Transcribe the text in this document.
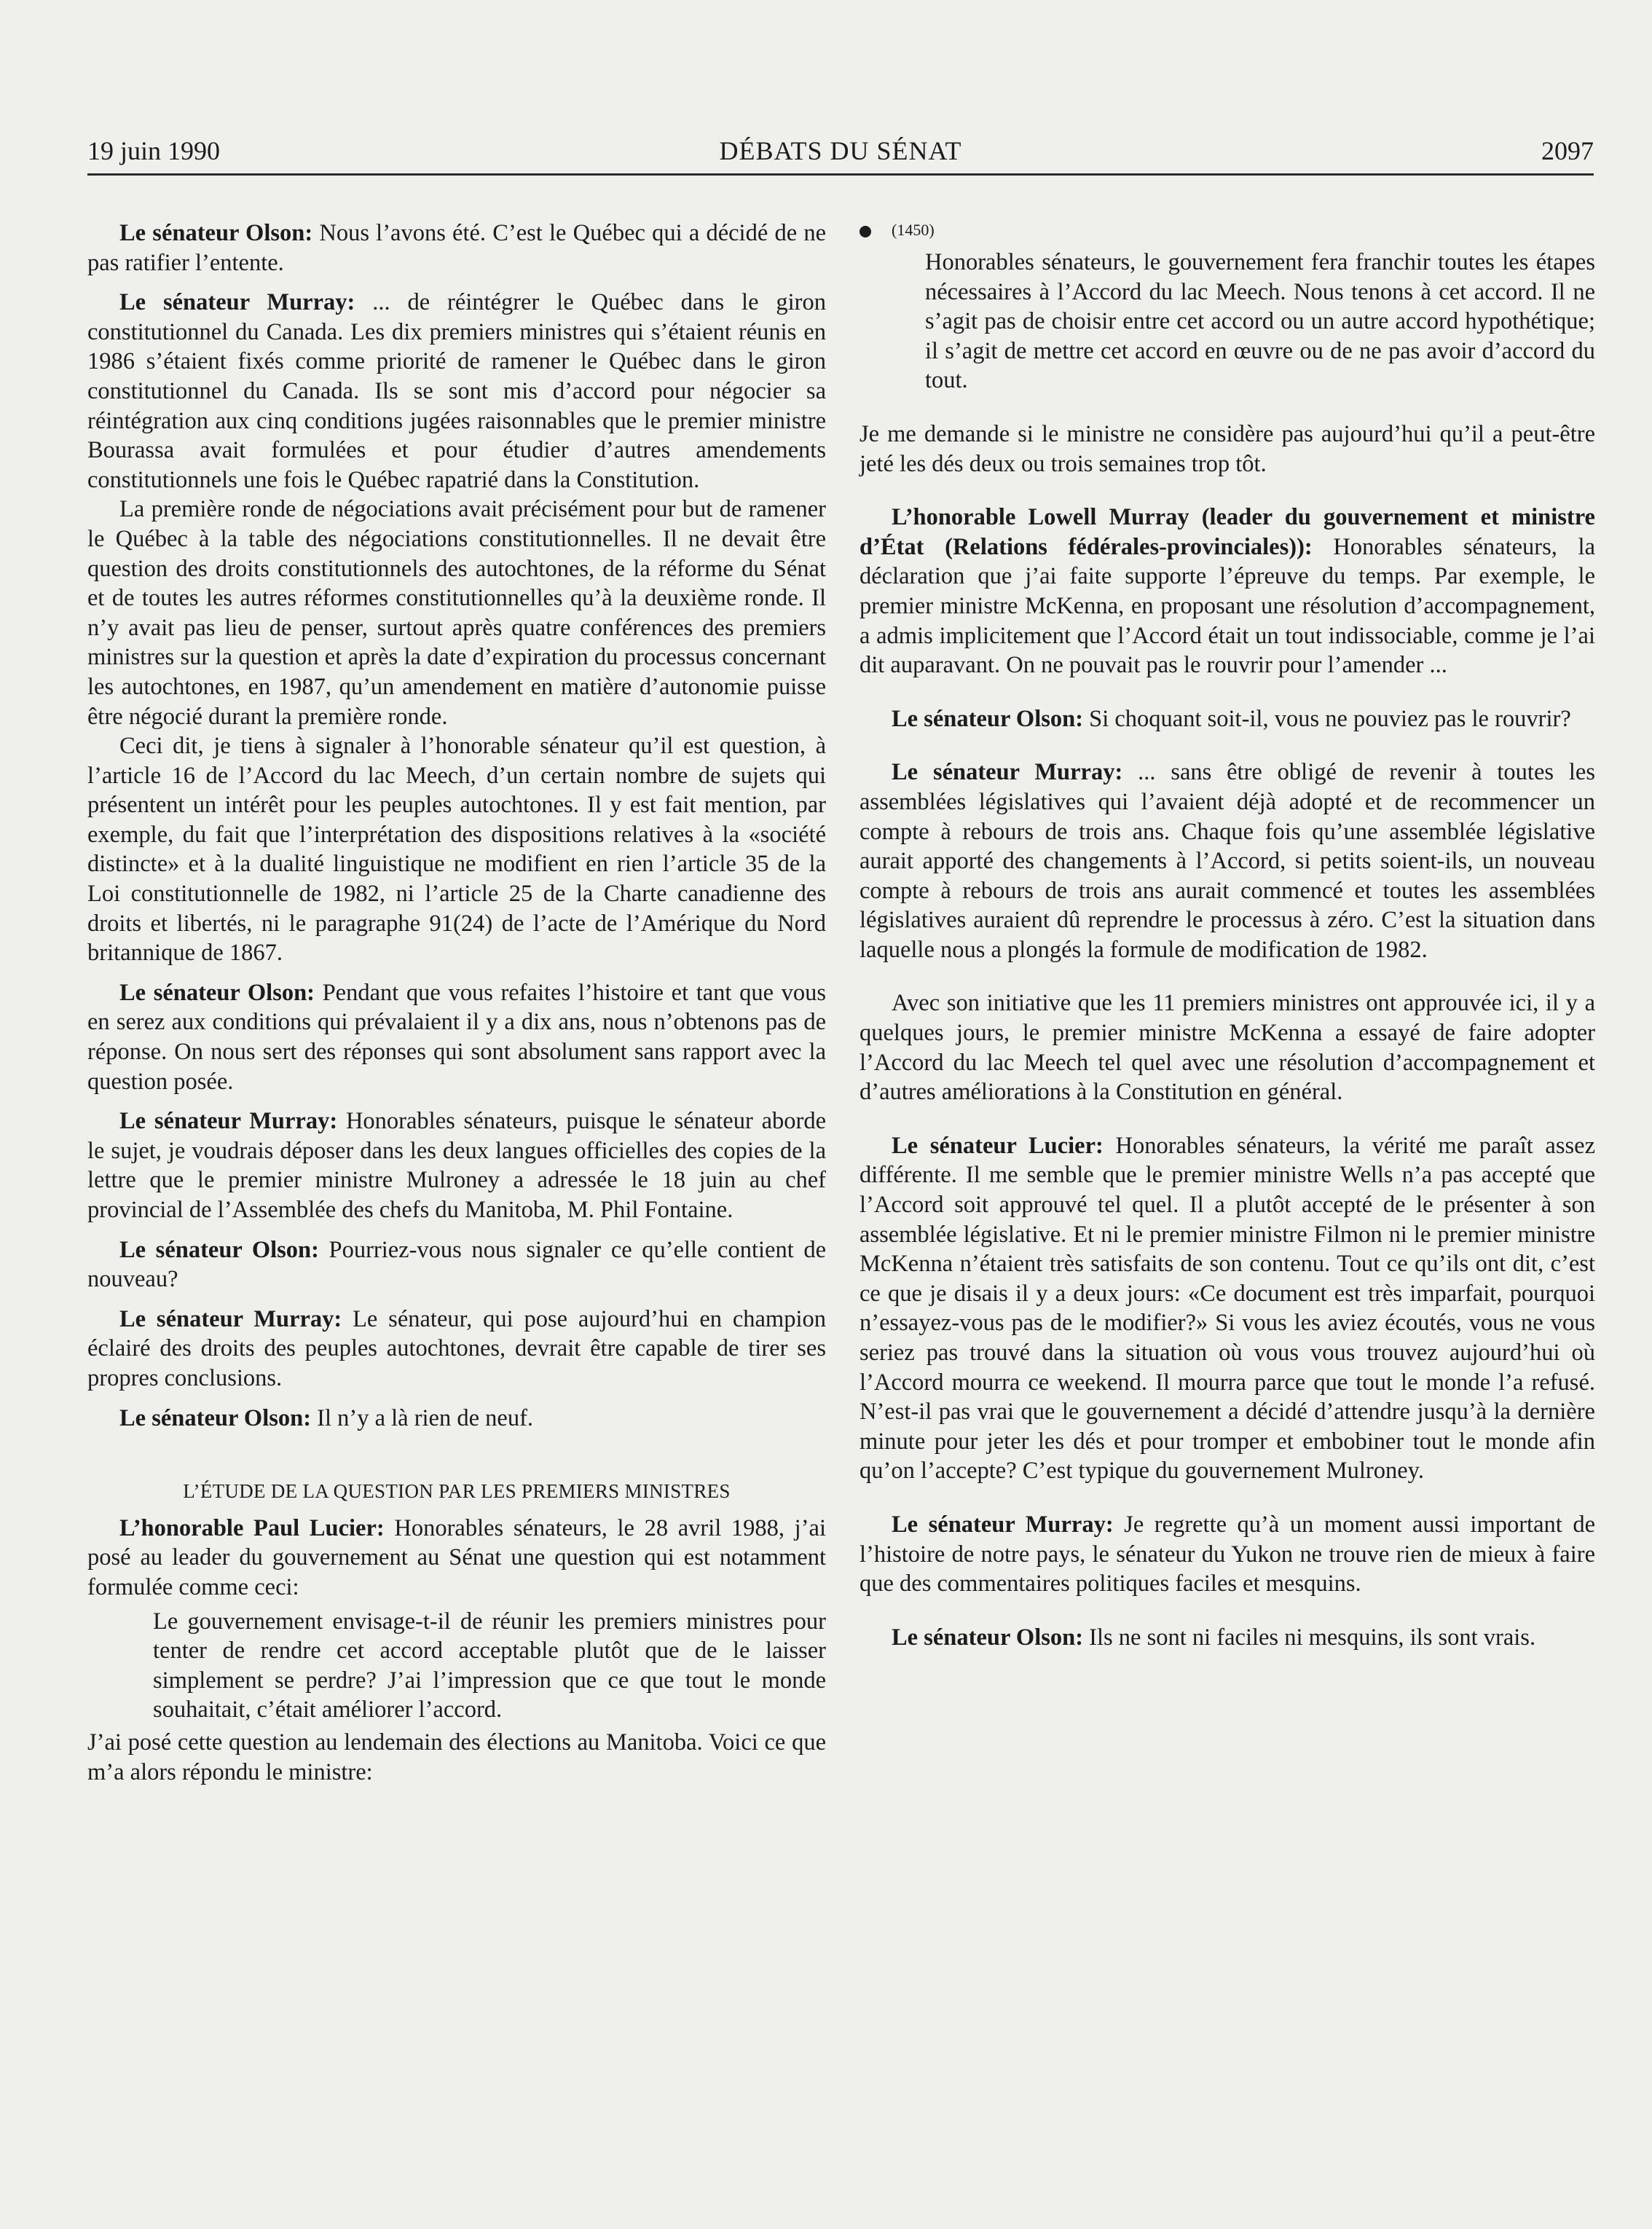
19 juin 1990	DÉBATS DU SÉNAT	2097

Le sénateur Olson: Nous l’avons été. C’est le Québec qui a décidé de ne pas ratifier l’entente.

Le sénateur Murray: ... de réintégrer le Québec dans le giron constitutionnel du Canada. Les dix premiers ministres qui s’étaient réunis en 1986 s’étaient fixés comme priorité de ramener le Québec dans le giron constitutionnel du Canada. Ils se sont mis d’accord pour négocier sa réintégration aux cinq conditions jugées raisonnables que le premier ministre Bourassa avait formulées et pour étudier d’autres amendements constitutionnels une fois le Québec rapatrié dans la Constitution.

La première ronde de négociations avait précisément pour but de ramener le Québec à la table des négociations constitutionnelles. Il ne devait être question des droits constitutionnels des autochtones, de la réforme du Sénat et de toutes les autres réformes constitutionnelles qu’à la deuxième ronde. Il n’y avait pas lieu de penser, surtout après quatre conférences des premiers ministres sur la question et après la date d’expiration du processus concernant les autochtones, en 1987, qu’un amendement en matière d’autonomie puisse être négocié durant la première ronde.

Ceci dit, je tiens à signaler à l’honorable sénateur qu’il est question, à l’article 16 de l’Accord du lac Meech, d’un certain nombre de sujets qui présentent un intérêt pour les peuples autochtones. Il y est fait mention, par exemple, du fait que l’interprétation des dispositions relatives à la «société distincte» et à la dualité linguistique ne modifient en rien l’article 35 de la Loi constitutionnelle de 1982, ni l’article 25 de la Charte canadienne des droits et libertés, ni le paragraphe 91(24) de l’acte de l’Amérique du Nord britannique de 1867.

Le sénateur Olson: Pendant que vous refaites l’histoire et tant que vous en serez aux conditions qui prévalaient il y a dix ans, nous n’obtenons pas de réponse. On nous sert des réponses qui sont absolument sans rapport avec la question posée.

Le sénateur Murray: Honorables sénateurs, puisque le sénateur aborde le sujet, je voudrais déposer dans les deux langues officielles des copies de la lettre que le premier ministre Mulroney a adressée le 18 juin au chef provincial de l’Assemblée des chefs du Manitoba, M. Phil Fontaine.

Le sénateur Olson: Pourriez-vous nous signaler ce qu’elle contient de nouveau?

Le sénateur Murray: Le sénateur, qui pose aujourd’hui en champion éclairé des droits des peuples autochtones, devrait être capable de tirer ses propres conclusions.

Le sénateur Olson: Il n’y a là rien de neuf.

L’ÉTUDE DE LA QUESTION PAR LES PREMIERS MINISTRES

L’honorable Paul Lucier: Honorables sénateurs, le 28 avril 1988, j’ai posé au leader du gouvernement au Sénat une question qui est notamment formulée comme ceci:

Le gouvernement envisage-t-il de réunir les premiers ministres pour tenter de rendre cet accord acceptable plutôt que de le laisser simplement se perdre? J’ai l’impression que ce que tout le monde souhaitait, c’était améliorer l’accord.

J’ai posé cette question au lendemain des élections au Manitoba. Voici ce que m’a alors répondu le ministre:

(1450)

Honorables sénateurs, le gouvernement fera franchir toutes les étapes nécessaires à l’Accord du lac Meech. Nous tenons à cet accord. Il ne s’agit pas de choisir entre cet accord ou un autre accord hypothétique; il s’agit de mettre cet accord en œuvre ou de ne pas avoir d’accord du tout.

Je me demande si le ministre ne considère pas aujourd’hui qu’il a peut-être jeté les dés deux ou trois semaines trop tôt.

L’honorable Lowell Murray (leader du gouvernement et ministre d’État (Relations fédérales-provinciales)): Honorables sénateurs, la déclaration que j’ai faite supporte l’épreuve du temps. Par exemple, le premier ministre McKenna, en proposant une résolution d’accompagnement, a admis implicitement que l’Accord était un tout indissociable, comme je l’ai dit auparavant. On ne pouvait pas le rouvrir pour l’amender ...

Le sénateur Olson: Si choquant soit-il, vous ne pouviez pas le rouvrir?

Le sénateur Murray: ... sans être obligé de revenir à toutes les assemblées législatives qui l’avaient déjà adopté et de recommencer un compte à rebours de trois ans. Chaque fois qu’une assemblée législative aurait apporté des changements à l’Accord, si petits soient-ils, un nouveau compte à rebours de trois ans aurait commencé et toutes les assemblées législatives auraient dû reprendre le processus à zéro. C’est la situation dans laquelle nous a plongés la formule de modification de 1982.

Avec son initiative que les 11 premiers ministres ont approuvée ici, il y a quelques jours, le premier ministre McKenna a essayé de faire adopter l’Accord du lac Meech tel quel avec une résolution d’accompagnement et d’autres améliorations à la Constitution en général.

Le sénateur Lucier: Honorables sénateurs, la vérité me paraît assez différente. Il me semble que le premier ministre Wells n’a pas accepté que l’Accord soit approuvé tel quel. Il a plutôt accepté de le présenter à son assemblée législative. Et ni le premier ministre Filmon ni le premier ministre McKenna n’étaient très satisfaits de son contenu. Tout ce qu’ils ont dit, c’est ce que je disais il y a deux jours: «Ce document est très imparfait, pourquoi n’essayez-vous pas de le modifier?» Si vous les aviez écoutés, vous ne vous seriez pas trouvé dans la situation où vous vous trouvez aujourd’hui où l’Accord mourra ce weekend. Il mourra parce que tout le monde l’a refusé. N’est-il pas vrai que le gouvernement a décidé d’attendre jusqu’à la dernière minute pour jeter les dés et pour tromper et embobiner tout le monde afin qu’on l’accepte? C’est typique du gouvernement Mulroney.

Le sénateur Murray: Je regrette qu’à un moment aussi important de l’histoire de notre pays, le sénateur du Yukon ne trouve rien de mieux à faire que des commentaires politiques faciles et mesquins.

Le sénateur Olson: Ils ne sont ni faciles ni mesquins, ils sont vrais.
